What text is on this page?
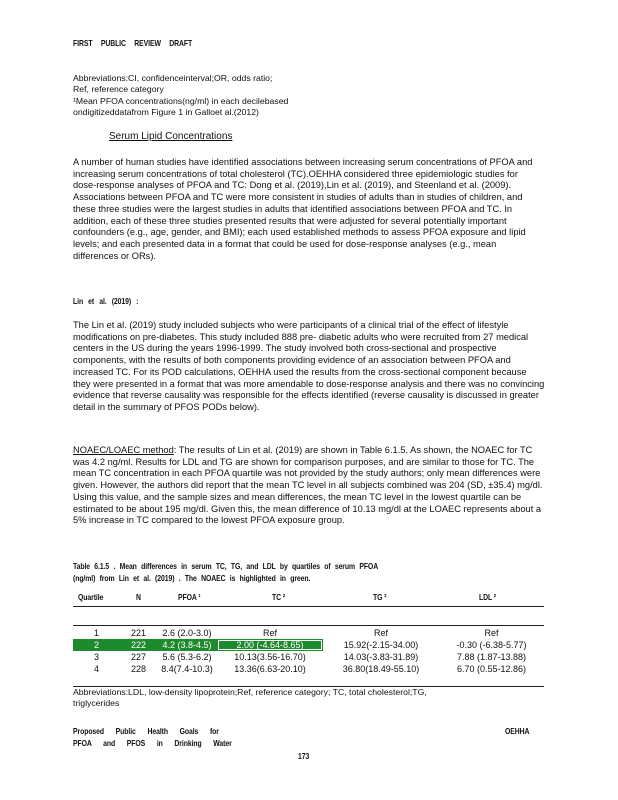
FIRST PUBLIC REVIEW DRAFT

Abbreviations:CI, confidenceinterval;OR, odds ratio;

Ref, reference category

¹Mean PFOA concentrations(ng/ml) in each decilebased

ondigitizeddatafrom Figure 1 in Galloet al.(2012)

Serum Lipid Concentrations

A number of human studies have identified associations between increasing serum concentrations of PFOA and increasing serum concentrations of total cholesterol (TC).OEHHA considered three epidemiologic studies for dose-response analyses of PFOA and TC: Dong et al. (2019),Lin et al. (2019), and Steenland et al. (2009). Associations between PFOA and TC were more consistent in studies of adults than in studies of children, and these three studies were the largest studies in adults that identified associations between PFOA and TC. In addition, each of these three studies presented results that were adjusted for several potentially important confounders (e.g., age, gender, and BMI); each used established methods to assess PFOA exposure and lipid levels; and each presented data in a format that could be used for dose-response analyses (e.g., mean differences or ORs).

Lin et al. (2019) :

The Lin et al. (2019) study included subjects who were participants of a clinical trial of the effect of lifestyle modifications on pre-diabetes. This study included 888 pre- diabetic adults who were recruited from 27 medical centers in the US during the years 1996-1999. The study involved both cross-sectional and prospective components, with the results of both components providing evidence of an association between PFOA and increased TC. For its POD calculations, OEHHA used the results from the cross-sectional component because they were presented in a format that was more amendable to dose-response analysis and there was no convincing evidence that reverse causality was responsible for the effects identified (reverse causality is discussed in greater detail in the summary of PFOS PODs below).

NOAEC/LOAEC method: The results of Lin et al. (2019) are shown in Table 6.1.5. As shown, the NOAEC for TC was 4.2 ng/ml. Results for LDL and TG are shown for comparison purposes, and are similar to those for TC. The mean TC concentration in each PFOA quartile was not provided by the study authors; only mean differences were given. However, the authors did report that the mean TC level in all subjects combined was 204 (SD, ±35.4) mg/dl. Using this value, and the sample sizes and mean differences, the mean TC level in the lowest quartile can be estimated to be about 195 mg/dl. Given this, the mean difference of 10.13 mg/dl at the LOAEC represents about a 5% increase in TC compared to the lowest PFOA exposure group.

Table 6.1.5 . Mean differences in serum TC, TG, and LDL by quartiles of serum PFOA
(ng/ml) from Lin et al. (2019) . The NOAEC is highlighted in green.
Quartile	N	PFOA ¹	TC ²	TG ²	LDL ²
1	221	2.6 (2.0-3.0)	Ref	Ref	Ref
2	222	4.2 (3.8-4.5)	2.00 (-4.64-8.65)	15.92(-2.15-34.00)	-0.30 (-6.38-5.77)
3	227	5.6 (5.3-6.2)	10.13(3.56-16.70)	14.03(-3.83-31.89)	7.88 (1.87-13.88)
4	228	8.4(7.4-10.3)	13.36(6.63-20.10)	36.80(18.49-55.10)	6.70 (0.55-12.86)

Abbreviations:LDL, low-density lipoprotein;Ref, reference category; TC, total cholesterol;TG,

triglycerides

Proposed Public Health Goals for
PFOA and PFOS in Drinking Water
OEHHA
173
